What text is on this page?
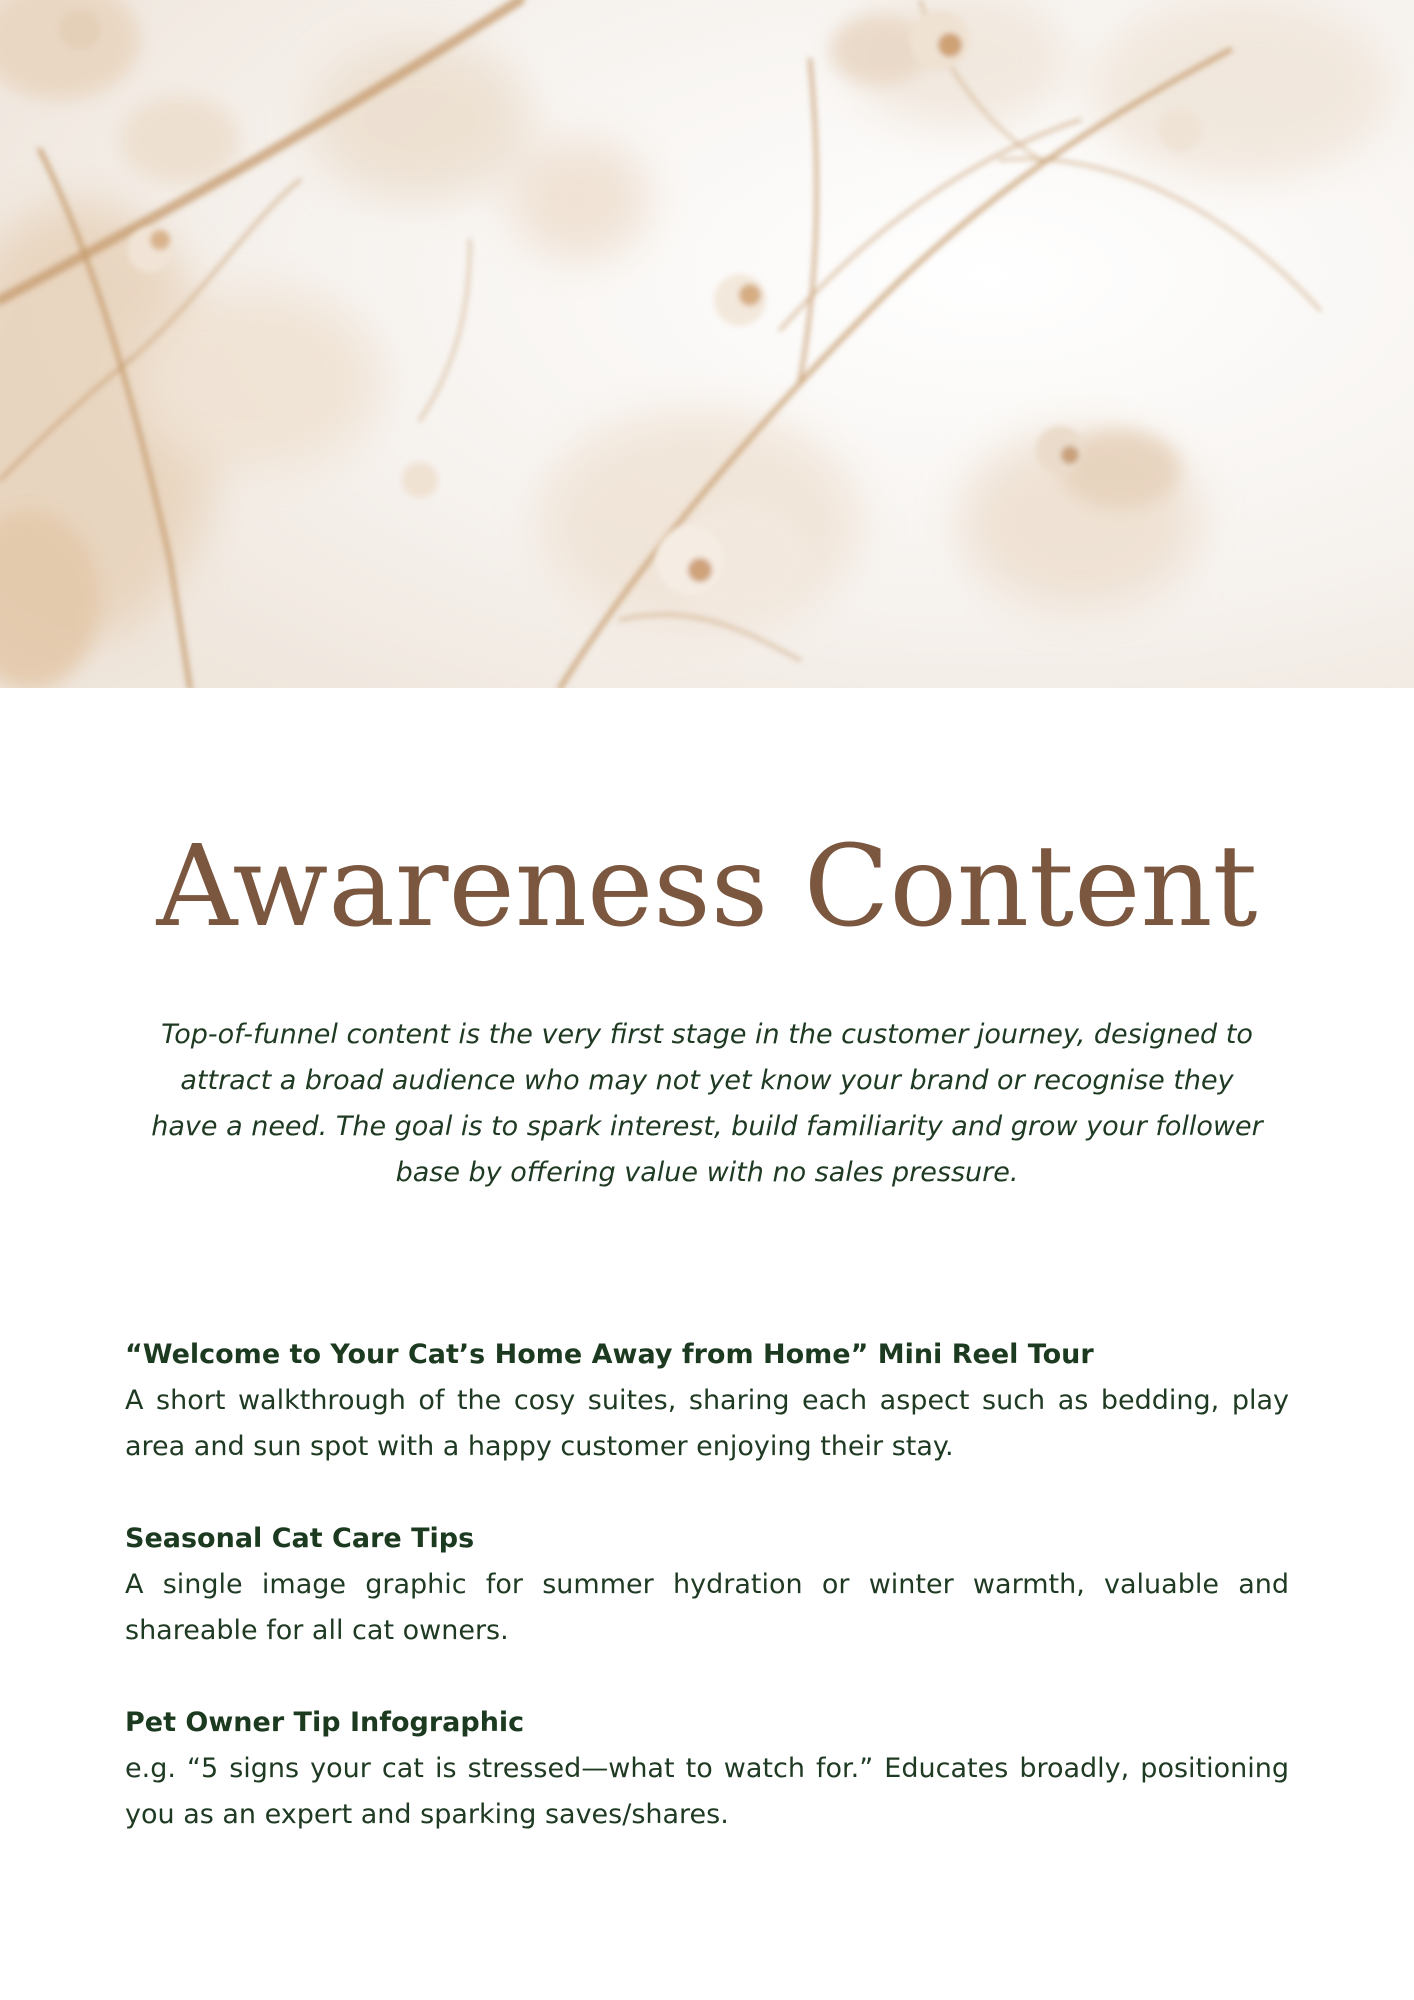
Awareness Content

Top-of-funnel content is the very first stage in the customer journey, designed to attract a broad audience who may not yet know your brand or recognise they have a need. The goal is to spark interest, build familiarity and grow your follower base by offering value with no sales pressure.

“Welcome to Your Cat’s Home Away from Home” Mini Reel Tour
A short walkthrough of the cosy suites, sharing each aspect such as bedding, play area and sun spot with a happy customer enjoying their stay.
Seasonal Cat Care Tips
A single image graphic for summer hydration or winter warmth, valuable and shareable for all cat owners.
Pet Owner Tip Infographic
e.g. “5 signs your cat is stressed—what to watch for.” Educates broadly, positioning you as an expert and sparking saves/shares.
